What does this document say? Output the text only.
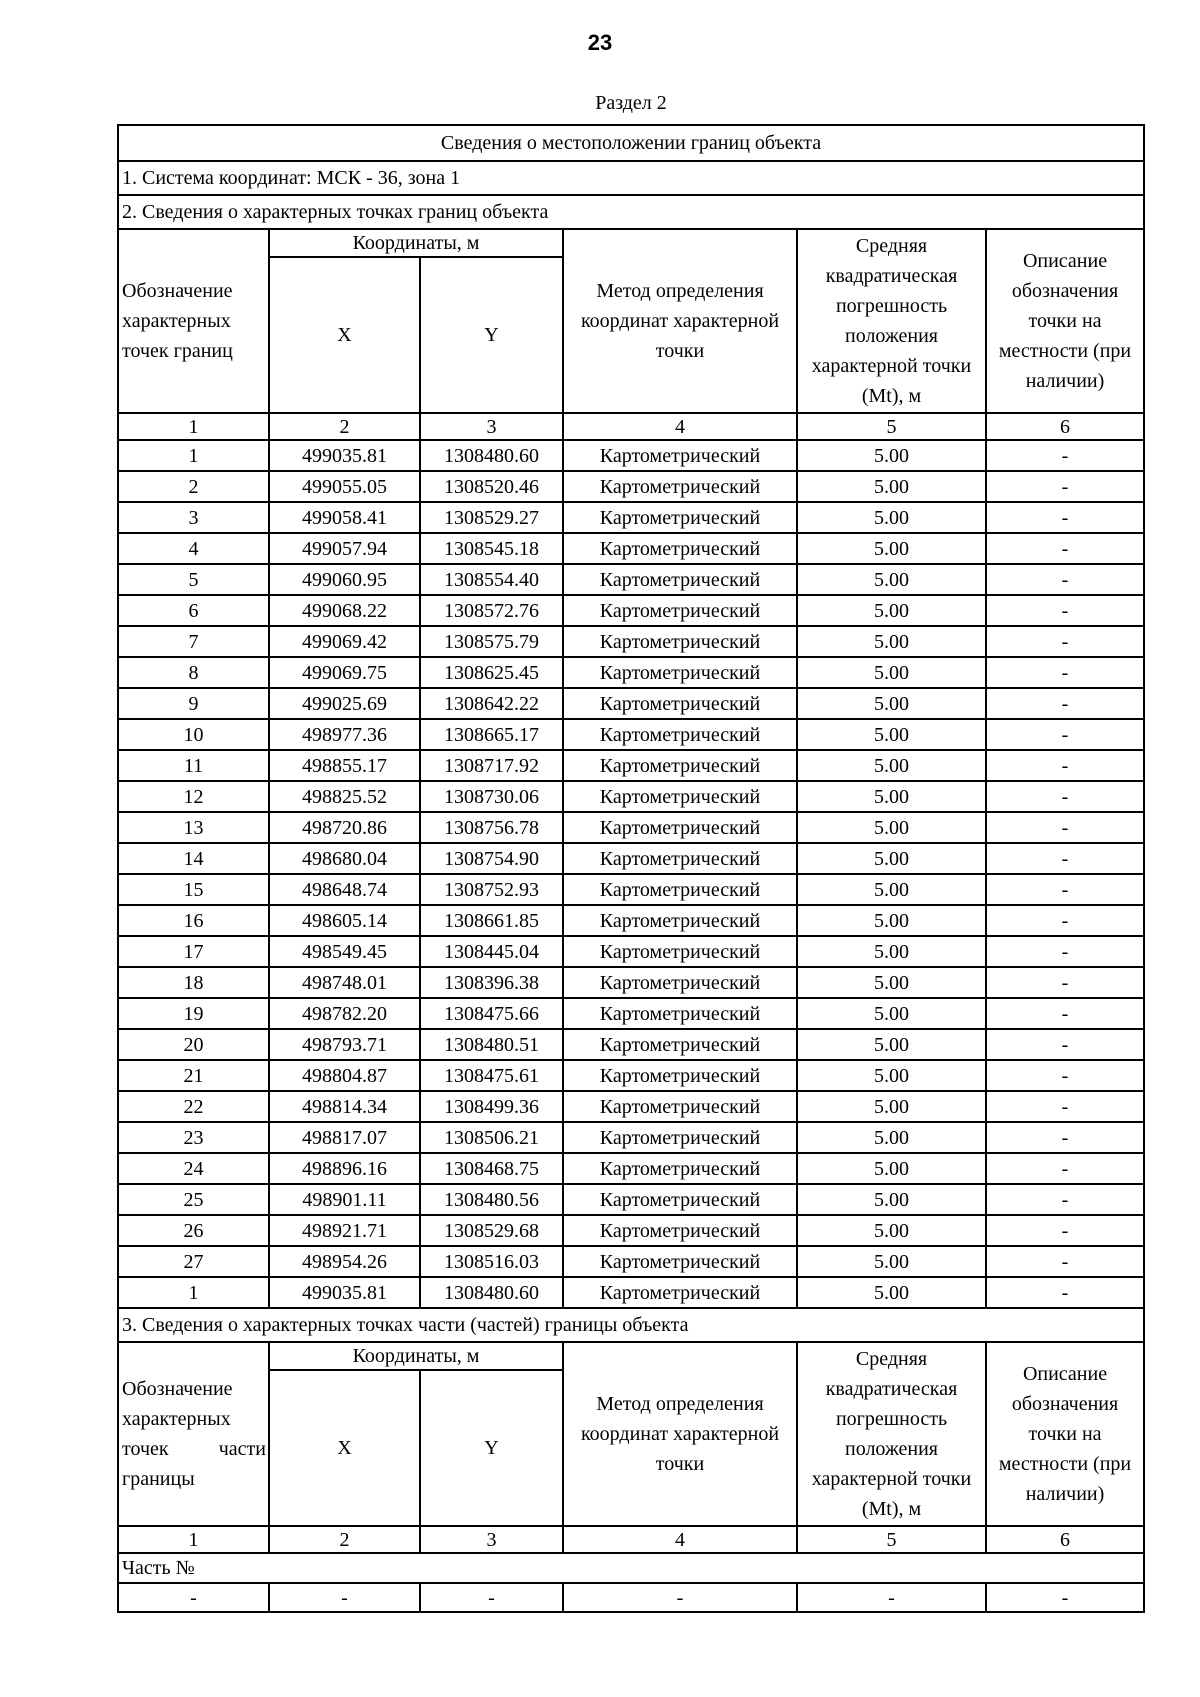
23
Раздел 2
Сведения о местоположении границ объекта					
1. Система координат: МСК - 36, зона 1					
2. Сведения о характерных точках границ объекта					
Обозначение характерных точек границ	Координаты, м		Метод определения координат характерной точки	Средняя квадратическая погрешность положения характерной точки (Mt), м	Описание обозначения точки на местности (при наличии)
	X	Y			
1	2	3	4	5	6
1	499035.81	1308480.60	Картометрический	5.00	-
2	499055.05	1308520.46	Картометрический	5.00	-
3	499058.41	1308529.27	Картометрический	5.00	-
4	499057.94	1308545.18	Картометрический	5.00	-
5	499060.95	1308554.40	Картометрический	5.00	-
6	499068.22	1308572.76	Картометрический	5.00	-
7	499069.42	1308575.79	Картометрический	5.00	-
8	499069.75	1308625.45	Картометрический	5.00	-
9	499025.69	1308642.22	Картометрический	5.00	-
10	498977.36	1308665.17	Картометрический	5.00	-
11	498855.17	1308717.92	Картометрический	5.00	-
12	498825.52	1308730.06	Картометрический	5.00	-
13	498720.86	1308756.78	Картометрический	5.00	-
14	498680.04	1308754.90	Картометрический	5.00	-
15	498648.74	1308752.93	Картометрический	5.00	-
16	498605.14	1308661.85	Картометрический	5.00	-
17	498549.45	1308445.04	Картометрический	5.00	-
18	498748.01	1308396.38	Картометрический	5.00	-
19	498782.20	1308475.66	Картометрический	5.00	-
20	498793.71	1308480.51	Картометрический	5.00	-
21	498804.87	1308475.61	Картометрический	5.00	-
22	498814.34	1308499.36	Картометрический	5.00	-
23	498817.07	1308506.21	Картометрический	5.00	-
24	498896.16	1308468.75	Картометрический	5.00	-
25	498901.11	1308480.56	Картометрический	5.00	-
26	498921.71	1308529.68	Картометрический	5.00	-
27	498954.26	1308516.03	Картометрический	5.00	-
1	499035.81	1308480.60	Картометрический	5.00	-
3. Сведения о характерных точках части (частей) границы объекта					
Обозначение характерных точек части границы	Координаты, м		Метод определения координат характерной точки	Средняя квадратическая погрешность положения характерной точки (Mt), м	Описание обозначения точки на местности (при наличии)
	X	Y			
1	2	3	4	5	6
Часть №					
-	-	-	-	-	-
